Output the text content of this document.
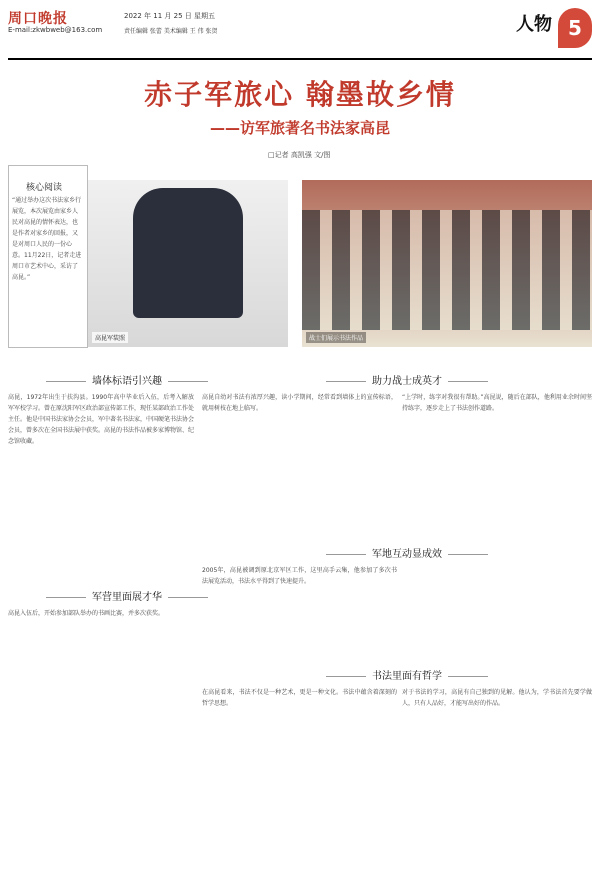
周口晚报
E-mail:zkwbweb@163.com
2022 年 11 月 25 日 星期五
责任编辑 张蕾 美术编辑 王 伟 张贺	人物 5
赤子军旅心 翰墨故乡情
——访军旅著名书法家高昆
□记者 高凯强 文/图
核心阅读
“通过举办这次书法家乡行展览，本次展览由家乡人民对高昆的情怀表达，也是作者对家乡的回报，又是对周口人民的一份心意。11月22日，记者走进周口市艺术中心，采访了高昆。”
高昆军装照	战士们展示书法作品
墙体标语引兴趣
高昆，1972年出生于扶沟县。1990年高中毕业后入伍，后考入解放军军校学习。曾在原沈阳军区政治部宣传部工作，现任某部政治工作处主任。他是中国书法家协会会员，军中著名书法家，中国硬笔书法协会会员，曾多次在全国书法展中获奖。高昆的书法作品被多家博物馆、纪念馆收藏。
军营里面展才华
高昆入伍后，开始参加部队举办的书画比赛，并多次获奖。
助力战士成英才
高昆自幼对书法有浓厚兴趣，读小学期间，经常看到墙体上的宣传标语，就用树枝在地上临写。
“上学时，练字对我很有帮助。”高昆说，随后在部队，他利用业余时间坚持练字，逐步走上了书法创作道路。
军地互动显成效
2005年，高昆被调到原北京军区工作，这里高手云集，他参加了多次书法展览活动，书法水平得到了快速提升。
书法里面有哲学
在高昆看来，书法不仅是一种艺术，更是一种文化。书法中蕴含着深刻的哲学思想。
对于书法的学习，高昆有自己独到的见解。他认为，学书法首先要学做人，只有人品好，才能写出好的作品。
